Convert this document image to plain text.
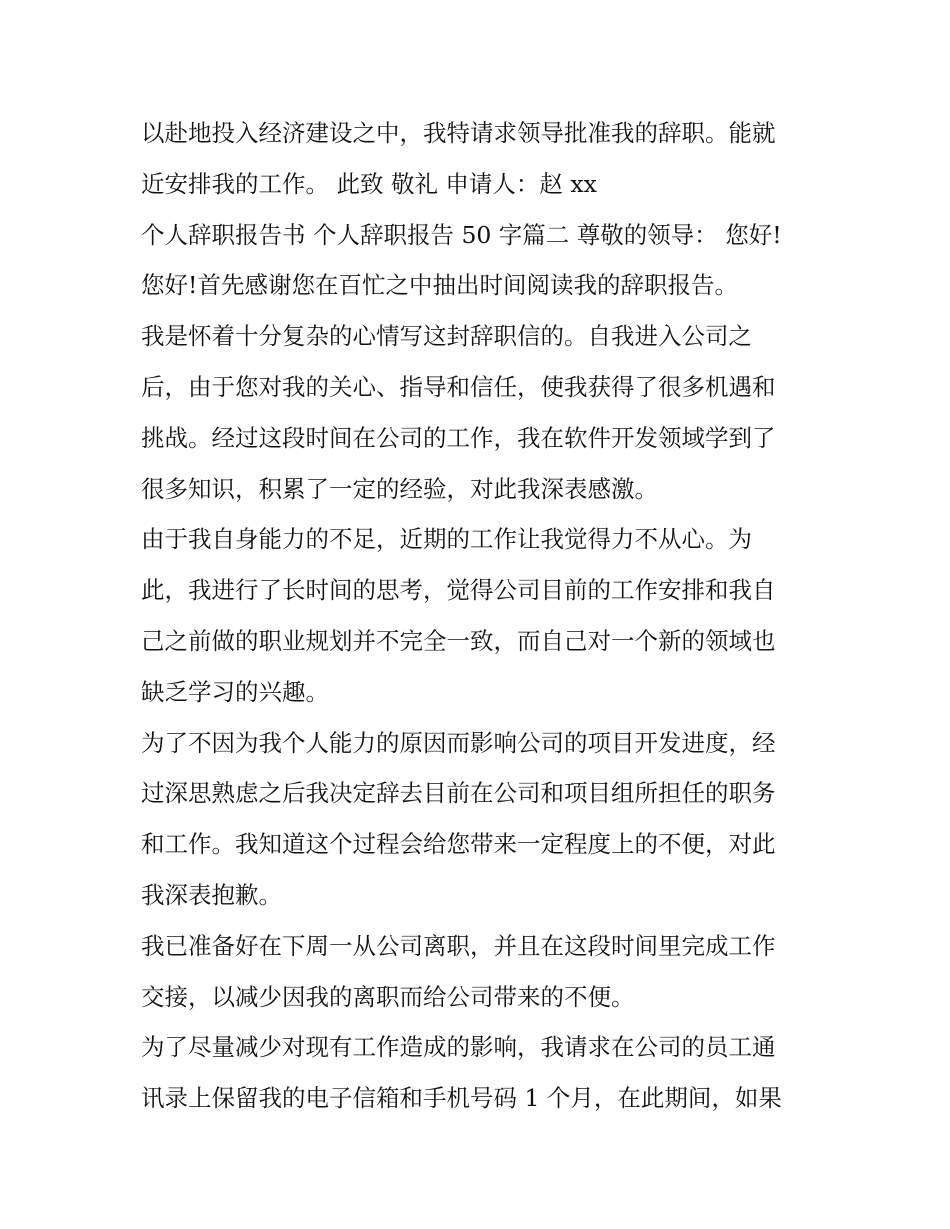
以赴地投入经济建设之中，我特请求领导批准我的辞职。能就
近安排我的工作。 此致 敬礼 申请人：赵 xx
个人辞职报告书 个人辞职报告 50 字篇二 尊敬的领导： 您好!
您好!首先感谢您在百忙之中抽出时间阅读我的辞职报告。
我是怀着十分复杂的心情写这封辞职信的。自我进入公司之
后，由于您对我的关心、指导和信任，使我获得了很多机遇和
挑战。经过这段时间在公司的工作，我在软件开发领域学到了
很多知识，积累了一定的经验，对此我深表感激。
由于我自身能力的不足，近期的工作让我觉得力不从心。为
此，我进行了长时间的思考，觉得公司目前的工作安排和我自
己之前做的职业规划并不完全一致，而自己对一个新的领域也
缺乏学习的兴趣。
为了不因为我个人能力的原因而影响公司的项目开发进度，经
过深思熟虑之后我决定辞去目前在公司和项目组所担任的职务
和工作。我知道这个过程会给您带来一定程度上的不便，对此
我深表抱歉。
我已准备好在下周一从公司离职，并且在这段时间里完成工作
交接，以减少因我的离职而给公司带来的不便。
为了尽量减少对现有工作造成的影响，我请求在公司的员工通
讯录上保留我的电子信箱和手机号码 1 个月，在此期间，如果
